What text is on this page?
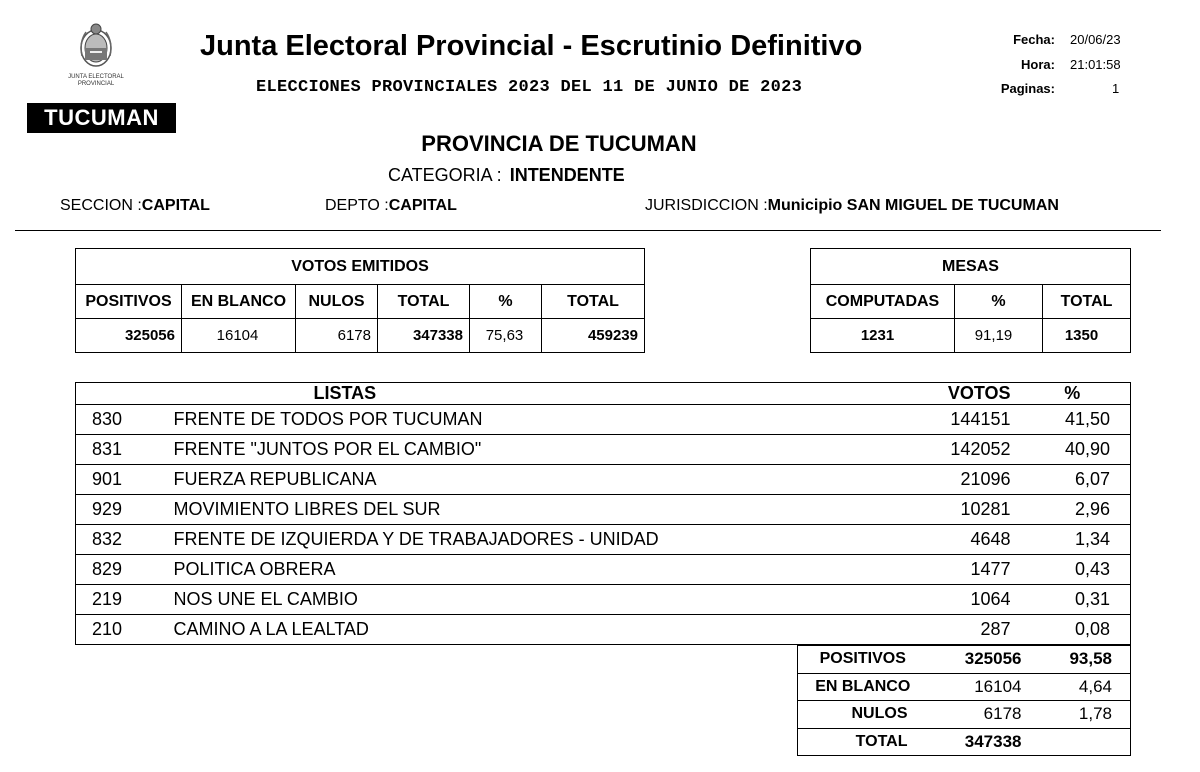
JUNTA ELECTORAL PROVINCIAL
TUCUMAN
Junta Electoral Provincial - Escrutinio Definitivo
ELECCIONES PROVINCIALES 2023 DEL 11 DE JUNIO DE 2023
Fecha: 20/06/23
Hora: 21:01:58
Paginas:	1
PROVINCIA DE TUCUMAN
CATEGORIA : INTENDENTE
SECCION :CAPITAL	DEPTO :CAPITAL	JURISDICCION :Municipio SAN MIGUEL DE TUCUMAN
VOTOS EMITIDOS					
POSITIVOS	EN BLANCO	NULOS	TOTAL	%	TOTAL
325056	16104	6178	347338	75,63	459239
MESAS		
COMPUTADAS	%	TOTAL
1231	91,19	1350
	LISTAS	VOTOS	%
830	FRENTE DE TODOS POR TUCUMAN	144151	41,50
831	FRENTE "JUNTOS POR EL CAMBIO"	142052	40,90
901	FUERZA REPUBLICANA	21096	6,07
929	MOVIMIENTO LIBRES DEL SUR	10281	2,96
832	FRENTE DE IZQUIERDA Y DE TRABAJADORES - UNIDAD	4648	1,34
829	POLITICA OBRERA	1477	0,43
219	NOS UNE EL CAMBIO	1064	0,31
210	CAMINO A LA LEALTAD	287	0,08
POSITIVOS	325056	93,58
EN BLANCO	16104	4,64
NULOS	6178	1,78
TOTAL	347338	
